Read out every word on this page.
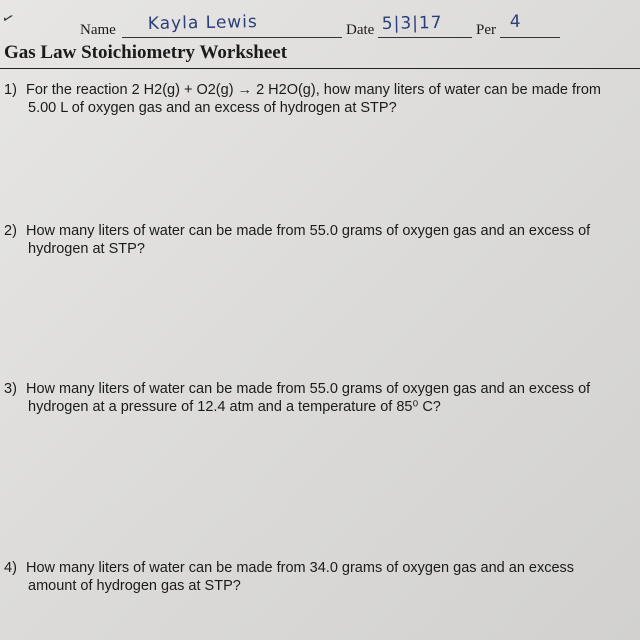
✓
Name Kayla Lewis	Date 5|3|17 Per 4
Gas Law Stoichiometry Worksheet
1) For the reaction 2 H2(g) + O2(g) → 2 H2O(g), how many liters of water can be made from
5.00 L of oxygen gas and an excess of hydrogen at STP?
2) How many liters of water can be made from 55.0 grams of oxygen gas and an excess of
hydrogen at STP?
3) How many liters of water can be made from 55.0 grams of oxygen gas and an excess of
hydrogen at a pressure of 12.4 atm and a temperature of 85⁰ C?
4) How many liters of water can be made from 34.0 grams of oxygen gas and an excess
amount of hydrogen gas at STP?
